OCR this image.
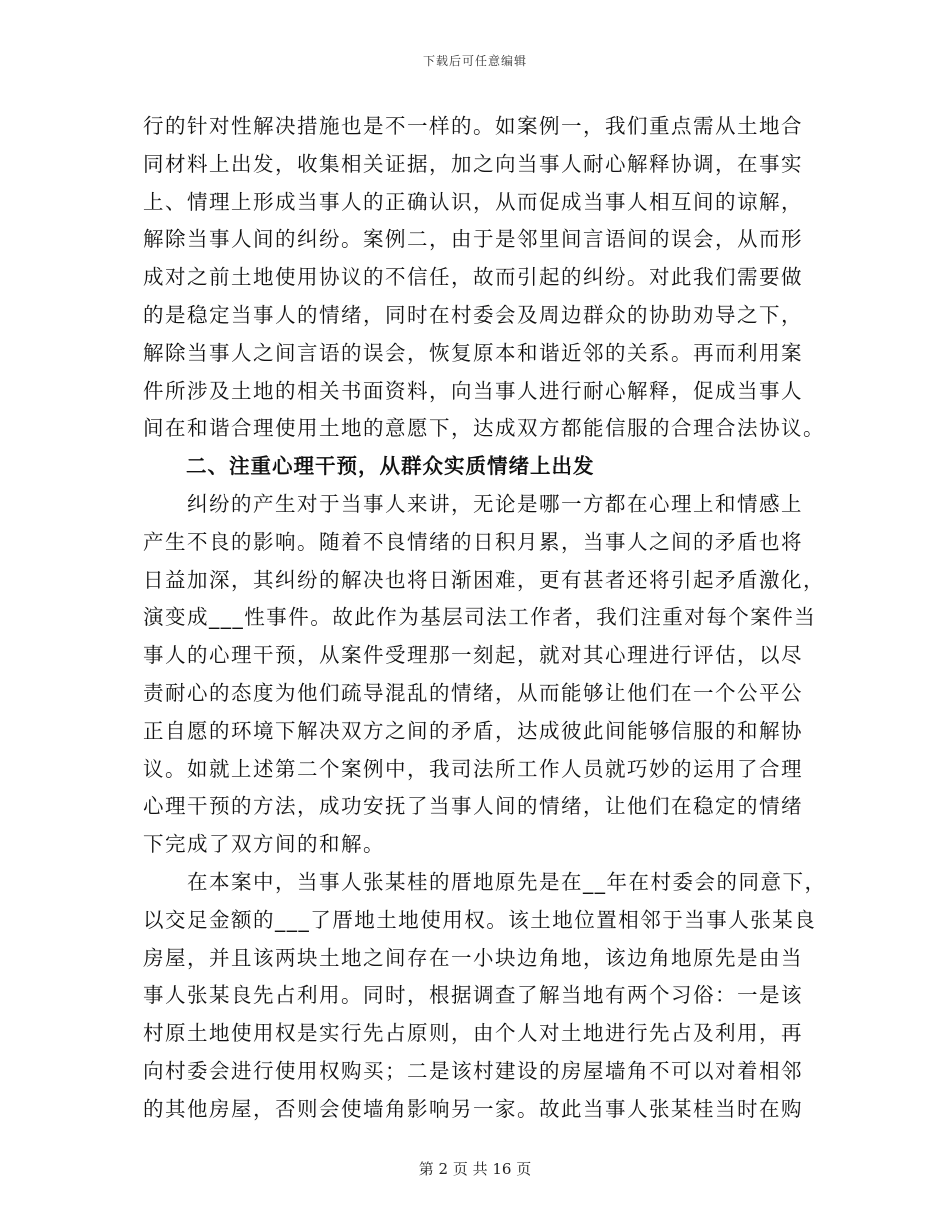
下载后可任意编辑
行的针对性解决措施也是不一样的。如案例一，我们重点需从土地合
同材料上出发，收集相关证据，加之向当事人耐心解释协调，在事实
上、情理上形成当事人的正确认识，从而促成当事人相互间的谅解，
解除当事人间的纠纷。案例二，由于是邻里间言语间的误会，从而形
成对之前土地使用协议的不信任，故而引起的纠纷。对此我们需要做
的是稳定当事人的情绪，同时在村委会及周边群众的协助劝导之下，
解除当事人之间言语的误会，恢复原本和谐近邻的关系。再而利用案
件所涉及土地的相关书面资料，向当事人进行耐心解释，促成当事人
间在和谐合理使用土地的意愿下，达成双方都能信服的合理合法协议。
　　二、注重心理干预，从群众实质情绪上出发
　　纠纷的产生对于当事人来讲，无论是哪一方都在心理上和情感上
产生不良的影响。随着不良情绪的日积月累，当事人之间的矛盾也将
日益加深，其纠纷的解决也将日渐困难，更有甚者还将引起矛盾激化，
演变成___性事件。故此作为基层司法工作者，我们注重对每个案件当
事人的心理干预，从案件受理那一刻起，就对其心理进行评估，以尽
责耐心的态度为他们疏导混乱的情绪，从而能够让他们在一个公平公
正自愿的环境下解决双方之间的矛盾，达成彼此间能够信服的和解协
议。如就上述第二个案例中，我司法所工作人员就巧妙的运用了合理
心理干预的方法，成功安抚了当事人间的情绪，让他们在稳定的情绪
下完成了双方间的和解。
　　在本案中，当事人张某桂的厝地原先是在__年在村委会的同意下，
以交足金额的___了厝地土地使用权。该土地位置相邻于当事人张某良
房屋，并且该两块土地之间存在一小块边角地，该边角地原先是由当
事人张某良先占利用。同时，根据调查了解当地有两个习俗：一是该
村原土地使用权是实行先占原则，由个人对土地进行先占及利用，再
向村委会进行使用权购买；二是该村建设的房屋墙角不可以对着相邻
的其他房屋，否则会使墙角影响另一家。故此当事人张某桂当时在购
第 2 页 共 16 页
